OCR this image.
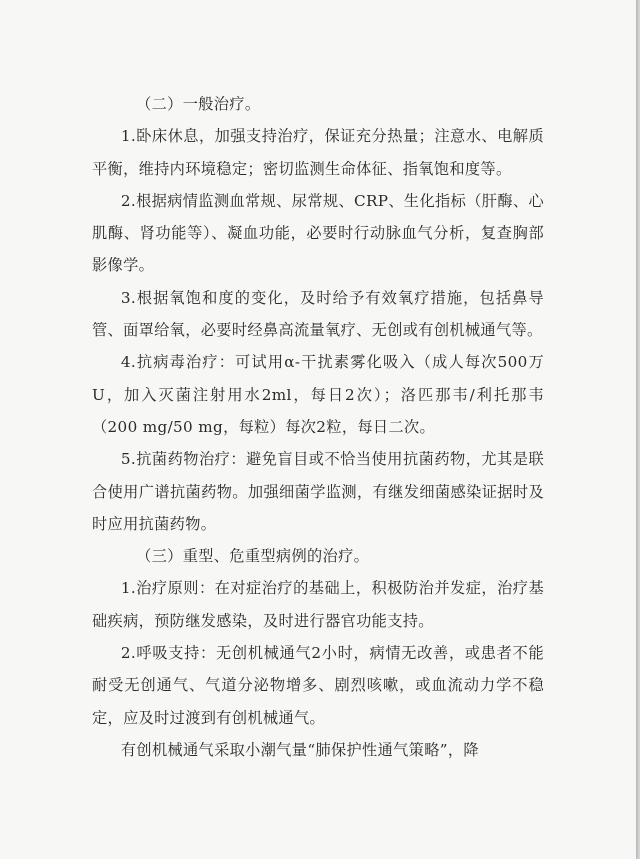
（二）一般治疗。

1.卧床休息，加强支持治疗，保证充分热量；注意水、电解质平衡，维持内环境稳定；密切监测生命体征、指氧饱和度等。

2.根据病情监测血常规、尿常规、CRP、生化指标（肝酶、心肌酶、肾功能等）、凝血功能，必要时行动脉血气分析，复查胸部影像学。

3.根据氧饱和度的变化，及时给予有效氧疗措施，包括鼻导管、面罩给氧，必要时经鼻高流量氧疗、无创或有创机械通气等。

4.抗病毒治疗：可试用α-干扰素雾化吸入（成人每次500万U，加入灭菌注射用水2ml，每日2次）；洛匹那韦/利托那韦（200 mg/50 mg，每粒）每次2粒，每日二次。

5.抗菌药物治疗：避免盲目或不恰当使用抗菌药物，尤其是联合使用广谱抗菌药物。加强细菌学监测，有继发细菌感染证据时及时应用抗菌药物。

（三）重型、危重型病例的治疗。

1.治疗原则：在对症治疗的基础上，积极防治并发症，治疗基础疾病，预防继发感染，及时进行器官功能支持。

2.呼吸支持：无创机械通气2小时，病情无改善，或患者不能耐受无创通气、气道分泌物增多、剧烈咳嗽，或血流动力学不稳定，应及时过渡到有创机械通气。

有创机械通气采取小潮气量“肺保护性通气策略”，降
